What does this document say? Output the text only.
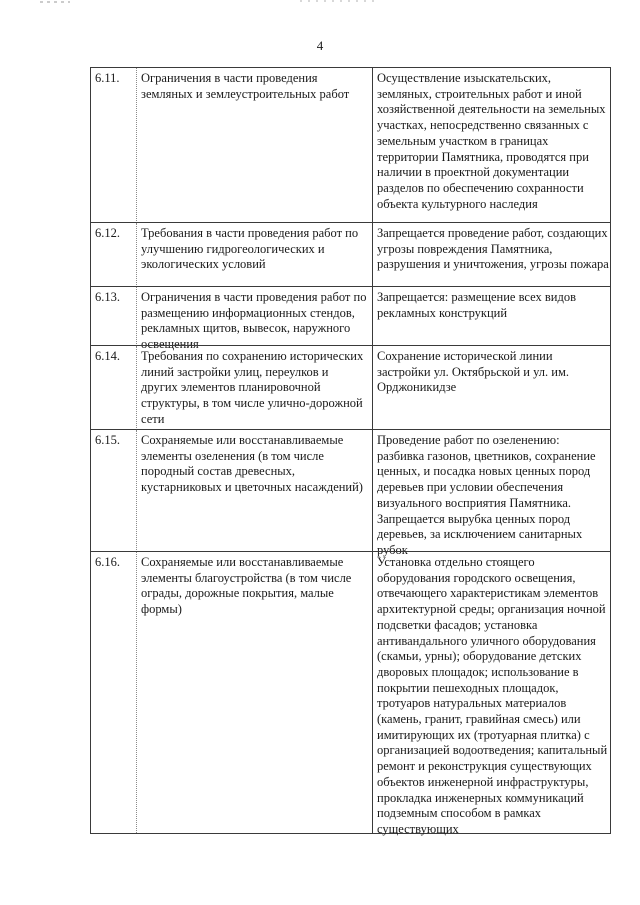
4
6.11. Ограничения в части проведения земляных и землеустроительных работ
Осуществление изыскательских, земляных, строительных работ и иной хозяйственной деятельности на земельных участках, непосредственно связанных с земельным участком в границах территории Памятника, проводятся при наличии в проектной документации разделов по обеспечению сохранности объекта культурного наследия
6.12. Требования в части проведения работ по улучшению гидрогеологических и экологических условий
Запрещается проведение работ, создающих угрозы повреждения Памятника, разрушения и уничтожения, угрозы пожара
6.13. Ограничения в части проведения работ по размещению информационных стендов, рекламных щитов, вывесок, наружного освещения
Запрещается: размещение всех видов рекламных конструкций
6.14. Требования по сохранению исторических линий застройки улиц, переулков и других элементов планировочной структуры, в том числе улично-дорожной сети
Сохранение исторической линии застройки ул. Октябрьской и ул. им. Орджоникидзе
6.15. Сохраняемые или восстанавливаемые элементы озеленения (в том числе породный состав древесных, кустарниковых и цветочных насаждений)
Проведение работ по озеленению: разбивка газонов, цветников, сохранение ценных, и посадка новых ценных пород деревьев при условии обеспечения визуального восприятия Памятника. Запрещается вырубка ценных пород деревьев, за исключением санитарных рубок
6.16. Сохраняемые или восстанавливаемые элементы благоустройства (в том числе ограды, дорожные покрытия, малые формы)
Установка отдельно стоящего оборудования городского освещения, отвечающего характеристикам элементов архитектурной среды; организация ночной подсветки фасадов; установка антивандального уличного оборудования (скамьи, урны); оборудование детских дворовых площадок; использование в покрытии пешеходных площадок, тротуаров натуральных материалов (камень, гранит, гравийная смесь) или имитирующих их (тротуарная плитка) с организацией водоотведения; капитальный ремонт и реконструкция существующих объектов инженерной инфраструктуры, прокладка инженерных коммуникаций подземным способом в рамках существующих
